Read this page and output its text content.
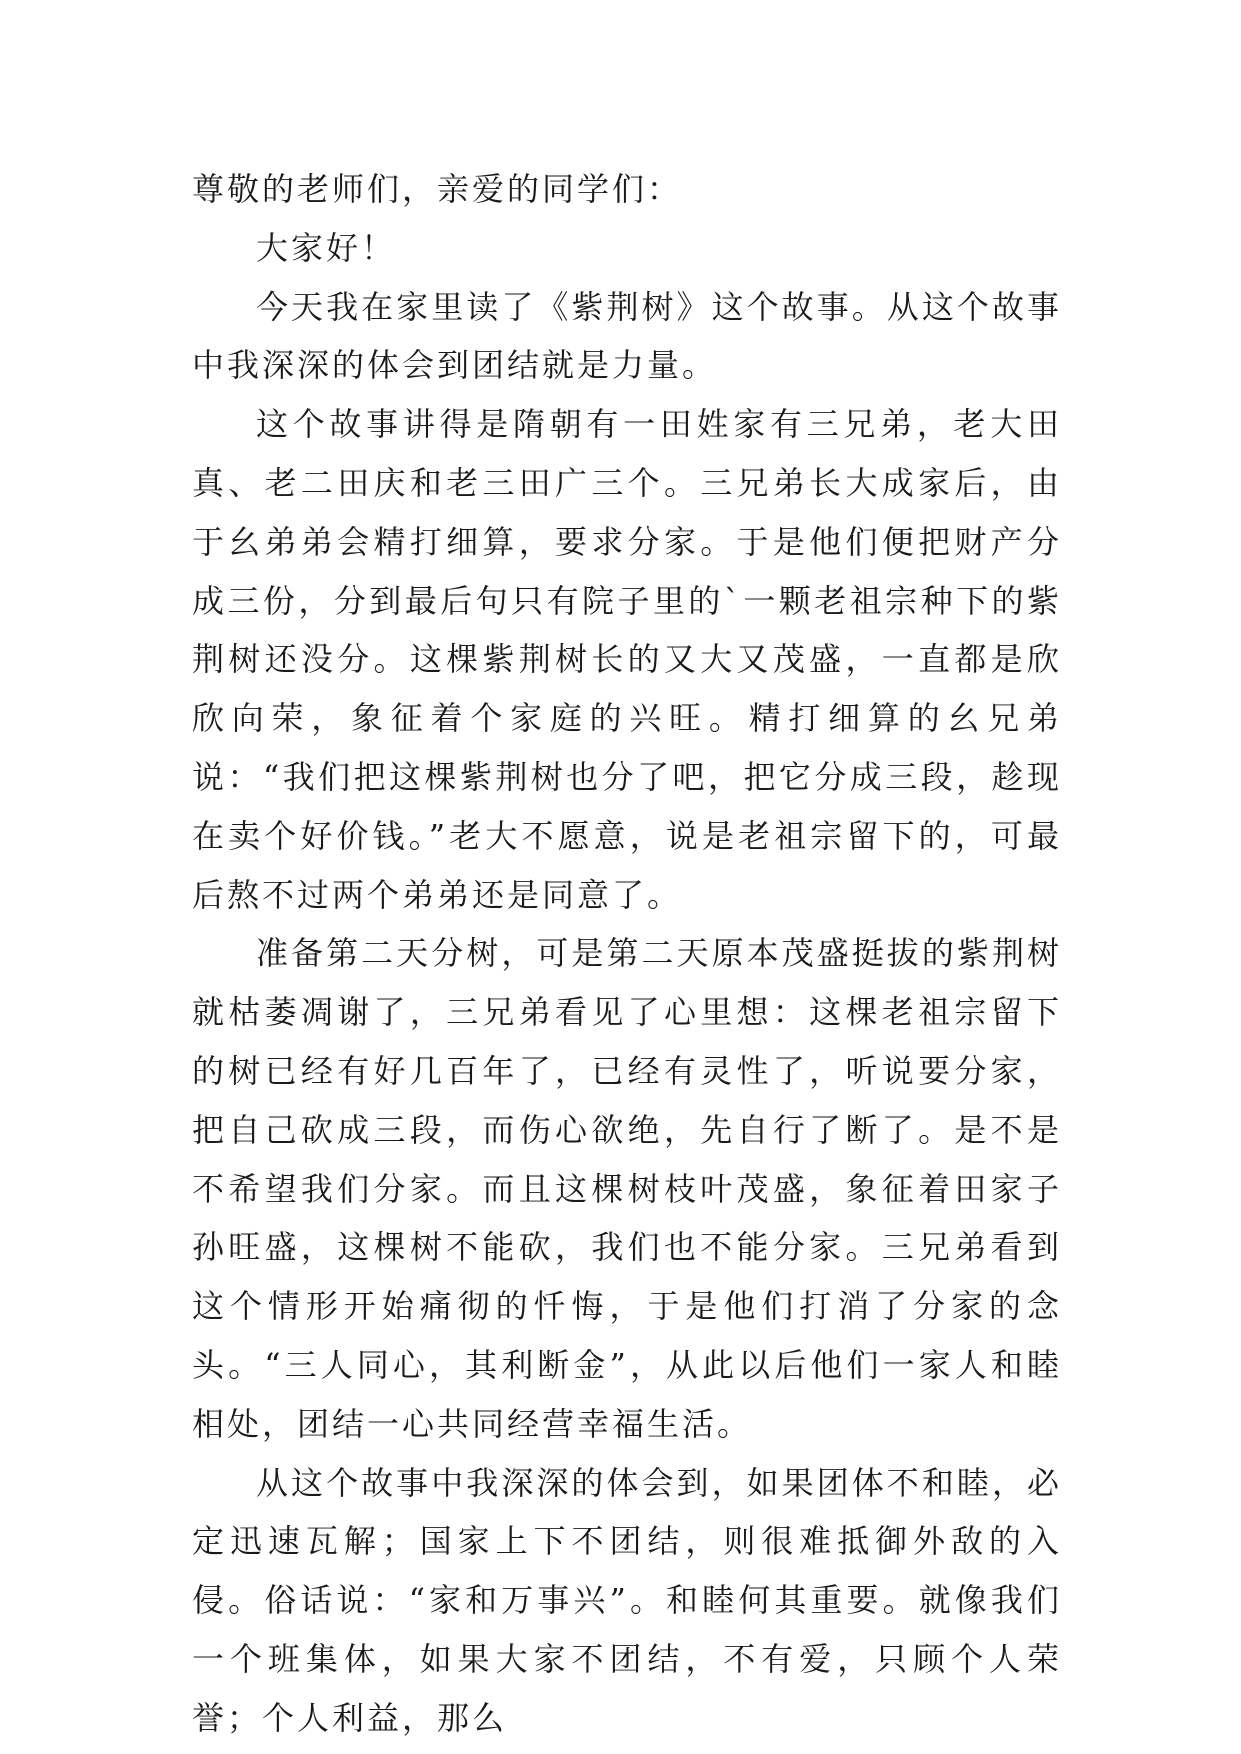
尊敬的老师们，亲爱的同学们：

大家好！

今天我在家里读了《紫荆树》这个故事。从这个故事中我深深的体会到团结就是力量。

这个故事讲得是隋朝有一田姓家有三兄弟，老大田真、老二田庆和老三田广三个。三兄弟长大成家后，由于幺弟弟会精打细算，要求分家。于是他们便把财产分成三份，分到最后句只有院子里的`一颗老祖宗种下的紫荆树还没分。这棵紫荆树长的又大又茂盛，一直都是欣欣向荣，象征着个家庭的兴旺。精打细算的幺兄弟说：“我们把这棵紫荆树也分了吧，把它分成三段，趁现在卖个好价钱。”老大不愿意，说是老祖宗留下的，可最后熬不过两个弟弟还是同意了。

准备第二天分树，可是第二天原本茂盛挺拔的紫荆树就枯萎凋谢了，三兄弟看见了心里想：这棵老祖宗留下的树已经有好几百年了，已经有灵性了，听说要分家，把自己砍成三段，而伤心欲绝，先自行了断了。是不是不希望我们分家。而且这棵树枝叶茂盛，象征着田家子孙旺盛，这棵树不能砍，我们也不能分家。三兄弟看到这个情形开始痛彻的忏悔，于是他们打消了分家的念头。“三人同心，其利断金”，从此以后他们一家人和睦相处，团结一心共同经营幸福生活。

从这个故事中我深深的体会到，如果团体不和睦，必定迅速瓦解；国家上下不团结，则很难抵御外敌的入侵。俗话说：“家和万事兴”。和睦何其重要。就像我们一个班集体，如果大家不团结，不有爱，只顾个人荣誉；个人利益，那么
